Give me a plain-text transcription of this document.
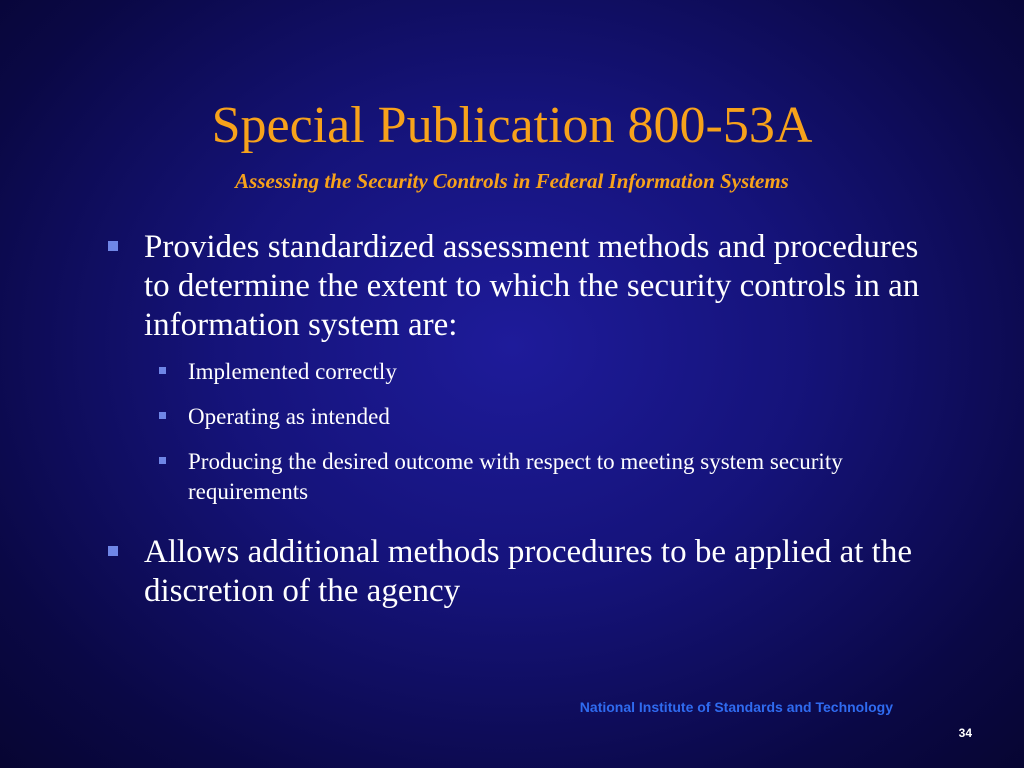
Special Publication 800-53A
Assessing the Security Controls in Federal Information Systems
Provides standardized assessment methods and procedures to determine the extent to which the security controls in an information system are:
Implemented correctly
Operating as intended
Producing the desired outcome with respect to meeting system security requirements
Allows additional methods procedures to be applied at the discretion of the agency
National Institute of Standards and Technology
34
